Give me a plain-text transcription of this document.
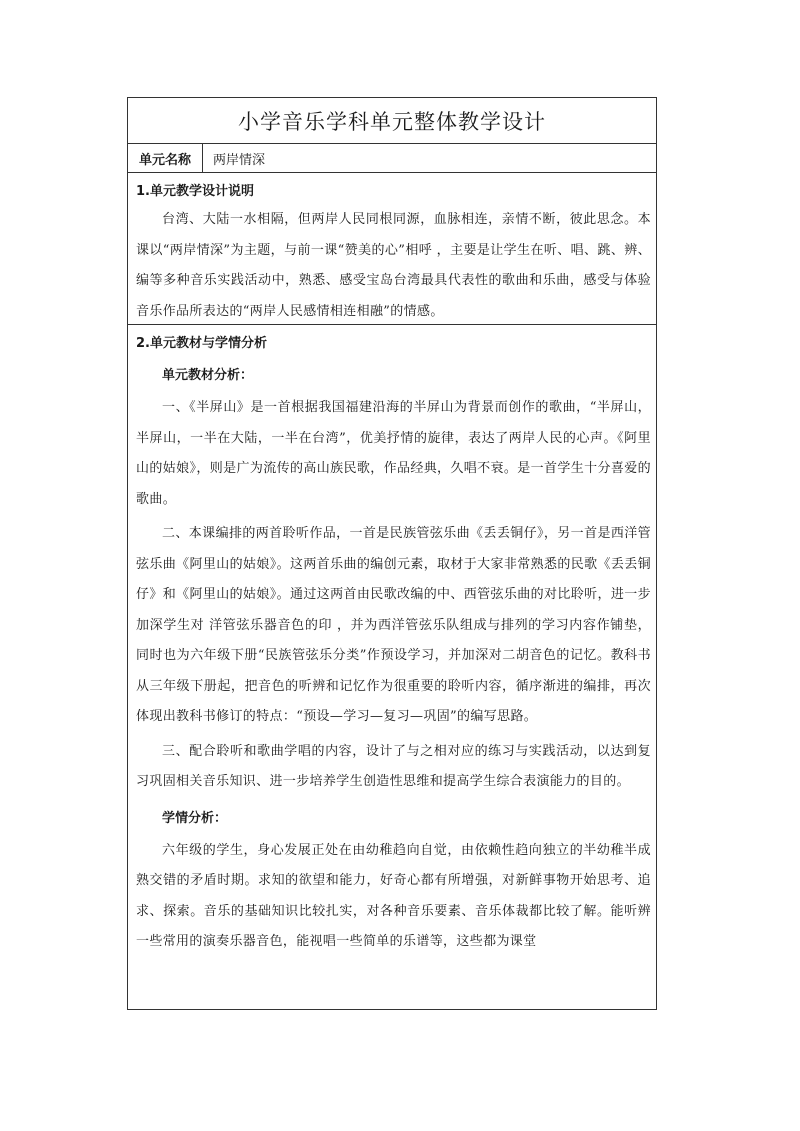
小学音乐学科单元整体教学设计
单元名称	两岸情深
1.单元教学设计说明

台湾、大陆一水相隔，但两岸人民同根同源，血脉相连，亲情不断，彼此思念。本课以“两岸情深”为主题，与前一课“赞美的心”相呼 ，主要是让学生在听、唱、跳、辨、编等多种音乐实践活动中，熟悉、感受宝岛台湾最具代表性的歌曲和乐曲，感受与体验音乐作品所表达的“两岸人民感情相连相融”的情感。

2.单元教材与学情分析
单元教材分析：

一、《半屏山》是一首根据我国福建沿海的半屏山为背景而创作的歌曲，“半屏山，半屏山，一半在大陆，一半在台湾”，优美抒情的旋律，表达了两岸人民的心声。《阿里山的姑娘》，则是广为流传的高山族民歌，作品经典，久唱不衰。是一首学生十分喜爱的歌曲。

二、本课编排的两首聆听作品，一首是民族管弦乐曲《丢丢铜仔》，另一首是西洋管弦乐曲《阿里山的姑娘》。这两首乐曲的编创元素，取材于大家非常熟悉的民歌《丢丢铜仔》和《阿里山的姑娘》。通过这两首由民歌改编的中、西管弦乐曲的对比聆听，进一步加深学生对 洋管弦乐器音色的印 ，并为西洋管弦乐队组成与排列的学习内容作铺垫，同时也为六年级下册“民族管弦乐分类”作预设学习，并加深对二胡音色的记忆。教科书从三年级下册起，把音色的听辨和记忆作为很重要的聆听内容，循序渐进的编排，再次体现出教科书修订的特点：“预设—学习—复习—巩固”的编写思路。

三、配合聆听和歌曲学唱的内容，设计了与之相对应的练习与实践活动，以达到复习巩固相关音乐知识、进一步培养学生创造性思维和提高学生综合表演能力的目的。

学情分析：

六年级的学生，身心发展正处在由幼稚趋向自觉，由依赖性趋向独立的半幼稚半成熟交错的矛盾时期。求知的欲望和能力，好奇心都有所增强，对新鲜事物开始思考、追求、探索。音乐的基础知识比较扎实，对各种音乐要素、音乐体裁都比较了解。能听辨一些常用的演奏乐器音色，能视唱一些简单的乐谱等，这些都为课堂
